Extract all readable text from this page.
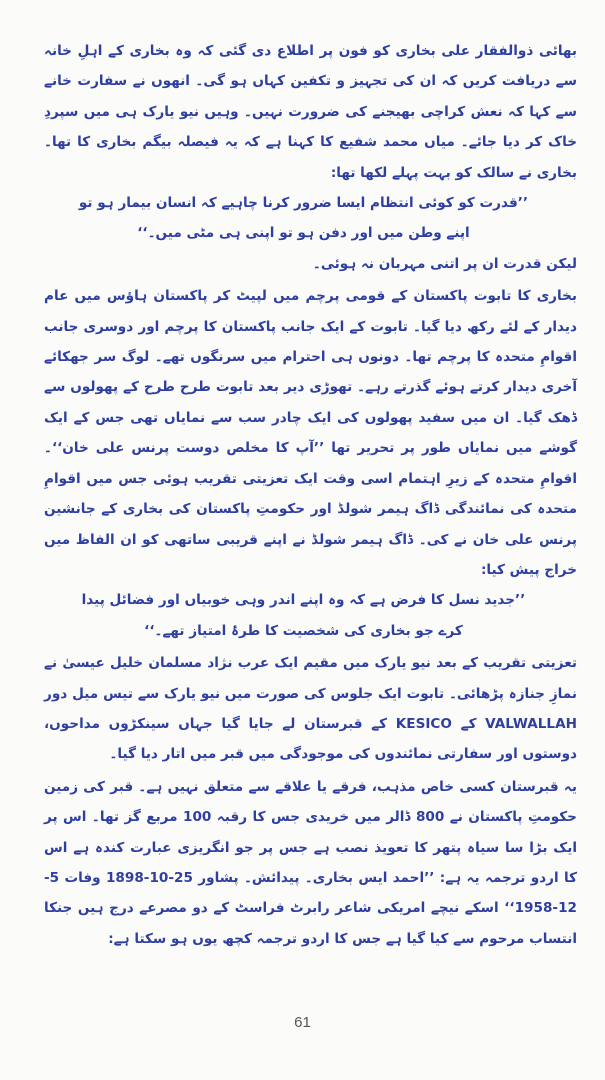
بھائی ذوالفقار علی بخاری کو فون پر اطلاع دی گئی کہ وہ بخاری کے اہلِ خانہ سے دریافت کریں کہ ان کی تجہیز و تکفین کہاں ہو گی۔ انھوں نے سفارت خانے سے کہا کہ نعش کراچی بھیجنے کی ضرورت نہیں۔ وہیں نیو یارک ہی میں سپردِ خاک کر دیا جائے۔ میاں محمد شفیع کا کہنا ہے کہ یہ فیصلہ بیگم بخاری کا تھا۔ بخاری نے سالک کو بہت پہلے لکھا تھا:

’’قدرت کو کوئی انتظام ایسا ضرور کرنا چاہیے کہ انسان بیمار ہو تو اپنے وطن میں اور دفن ہو تو اپنی ہی مٹی میں۔‘‘

لیکن قدرت ان پر اتنی مہربان نہ ہوئی۔

بخاری کا تابوت پاکستان کے قومی پرچم میں لپیٹ کر پاکستان ہاؤس میں عام دیدار کے لئے رکھ دیا گیا۔ تابوت کے ایک جانب پاکستان کا پرچم اور دوسری جانب اقوامِ متحدہ کا پرچم تھا۔ دونوں ہی احترام میں سرنگوں تھے۔ لوگ سر جھکائے آخری دیدار کرتے ہوئے گذرتے رہے۔ تھوڑی دیر بعد تابوت طرح طرح کے پھولوں سے ڈھک گیا۔ ان میں سفید پھولوں کی ایک چادر سب سے نمایاں تھی جس کے ایک گوشے میں نمایاں طور پر تحریر تھا ’’آپ کا مخلص دوست پرنس علی خان‘‘۔ اقوامِ متحدہ کے زیرِ اہتمام اسی وقت ایک تعزیتی تقریب ہوئی جس میں اقوامِ متحدہ کی نمائندگی ڈاگ ہیمر شولڈ اور حکومتِ پاکستان کی بخاری کے جانشین پرنس علی خان نے کی۔ ڈاگ ہیمر شولڈ نے اپنے قریبی ساتھی کو ان الفاظ میں خراج پیش کیا:

’’جدید نسل کا فرض ہے کہ وہ اپنے اندر وہی خوبیاں اور فضائل پیدا کرے جو بخاری کی شخصیت کا طرۂ امتیاز تھے۔‘‘

تعزیتی تقریب کے بعد نیو یارک میں مقیم ایک عرب نژاد مسلمان خلیل عیسیٰ نے نمازِ جنازہ پڑھائی۔ تابوت ایک جلوس کی صورت میں نیو یارک سے تیس میل دور VALWALLAH کے KESICO کے قبرستان لے جایا گیا جہاں سینکڑوں مداحوں، دوستوں اور سفارتی نمائندوں کی موجودگی میں قبر میں اتار دیا گیا۔

یہ قبرستان کسی خاص مذہب، فرقے یا علاقے سے متعلق نہیں ہے۔ قبر کی زمین حکومتِ پاکستان نے 800 ڈالر میں خریدی جس کا رقبہ 100 مربع گز تھا۔ اس پر ایک بڑا سا سیاہ پتھر کا تعویذ نصب ہے جس پر جو انگریزی عبارت کندہ ہے اس کا اردو ترجمہ یہ ہے: ’’احمد ایس بخاری۔ پیدائش۔ پشاور 25-10-1898 وفات 5-12-1958‘‘ اسکے نیچے امریکی شاعر رابرٹ فراسٹ کے دو مصرعے درج ہیں جنکا انتساب مرحوم سے کیا گیا ہے جس کا اردو ترجمہ کچھ یوں ہو سکتا ہے:

61
